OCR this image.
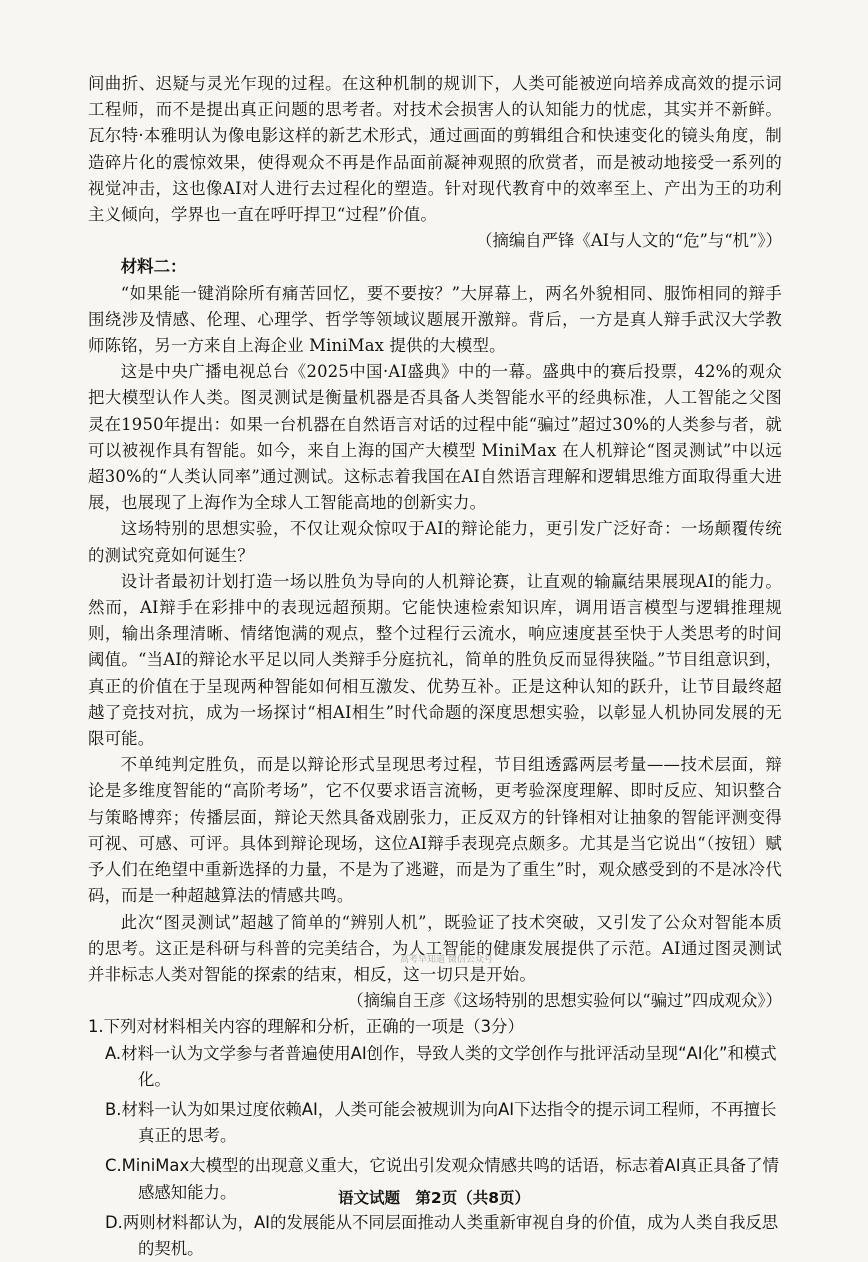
间曲折、迟疑与灵光乍现的过程。在这种机制的规训下，人类可能被逆向培养成高效的提示词工程师，而不是提出真正问题的思考者。对技术会损害人的认知能力的忧虑，其实并不新鲜。瓦尔特·本雅明认为像电影这样的新艺术形式，通过画面的剪辑组合和快速变化的镜头角度，制造碎片化的震惊效果，使得观众不再是作品面前凝神观照的欣赏者，而是被动地接受一系列的视觉冲击，这也像AI对人进行去过程化的塑造。针对现代教育中的效率至上、产出为王的功利主义倾向，学界也一直在呼吁捍卫“过程”价值。

（摘编自严锋《AI与人文的“危”与“机”》）

材料二：

“如果能一键消除所有痛苦回忆，要不要按？”大屏幕上，两名外貌相同、服饰相同的辩手围绕涉及情感、伦理、心理学、哲学等领域议题展开激辩。背后，一方是真人辩手武汉大学教师陈铭，另一方来自上海企业 MiniMax 提供的大模型。

这是中央广播电视总台《2025中国·AI盛典》中的一幕。盛典中的赛后投票，42%的观众把大模型认作人类。图灵测试是衡量机器是否具备人类智能水平的经典标准，人工智能之父图灵在1950年提出：如果一台机器在自然语言对话的过程中能“骗过”超过30%的人类参与者，就可以被视作具有智能。如今，来自上海的国产大模型 MiniMax 在人机辩论“图灵测试”中以远超30%的“人类认同率”通过测试。这标志着我国在AI自然语言理解和逻辑思维方面取得重大进展，也展现了上海作为全球人工智能高地的创新实力。

这场特别的思想实验，不仅让观众惊叹于AI的辩论能力，更引发广泛好奇：一场颠覆传统的测试究竟如何诞生？

设计者最初计划打造一场以胜负为导向的人机辩论赛，让直观的输赢结果展现AI的能力。然而，AI辩手在彩排中的表现远超预期。它能快速检索知识库，调用语言模型与逻辑推理规则，输出条理清晰、情绪饱满的观点，整个过程行云流水，响应速度甚至快于人类思考的时间阈值。“当AI的辩论水平足以同人类辩手分庭抗礼，简单的胜负反而显得狭隘。”节目组意识到，真正的价值在于呈现两种智能如何相互激发、优势互补。正是这种认知的跃升，让节目最终超越了竞技对抗，成为一场探讨“相AI相生”时代命题的深度思想实验，以彰显人机协同发展的无限可能。

不单纯判定胜负，而是以辩论形式呈现思考过程，节目组透露两层考量——技术层面，辩论是多维度智能的“高阶考场”，它不仅要求语言流畅，更考验深度理解、即时反应、知识整合与策略博弈；传播层面，辩论天然具备戏剧张力，正反双方的针锋相对让抽象的智能评测变得可视、可感、可评。具体到辩论现场，这位AI辩手表现亮点颇多。尤其是当它说出“（按钮）赋予人们在绝望中重新选择的力量，不是为了逃避，而是为了重生”时，观众感受到的不是冰冷代码，而是一种超越算法的情感共鸣。

此次“图灵测试”超越了简单的“辨别人机”，既验证了技术突破，又引发了公众对智能本质的思考。这正是科研与科普的完美结合，为人工智能的健康发展提供了示范。AI通过图灵测试并非标志人类对智能的探索的结束，相反，这一切只是开始。

（摘编自王彦《这场特别的思想实验何以“骗过”四成观众》）

1.下列对材料相关内容的理解和分析，正确的一项是（3分）

A.材料一认为文学参与者普遍使用AI创作，导致人类的文学创作与批评活动呈现“AI化”和模式化。

B.材料一认为如果过度依赖AI，人类可能会被规训为向AI下达指令的提示词工程师，不再擅长真正的思考。

C.MiniMax大模型的出现意义重大，它说出引发观众情感共鸣的话语，标志着AI真正具备了情感感知能力。

D.两则材料都认为，AI的发展能从不同层面推动人类重新审视自身的价值，成为人类自我反思的契机。

高考早知道 微信公众号
语文试题 第2页（共8页）
